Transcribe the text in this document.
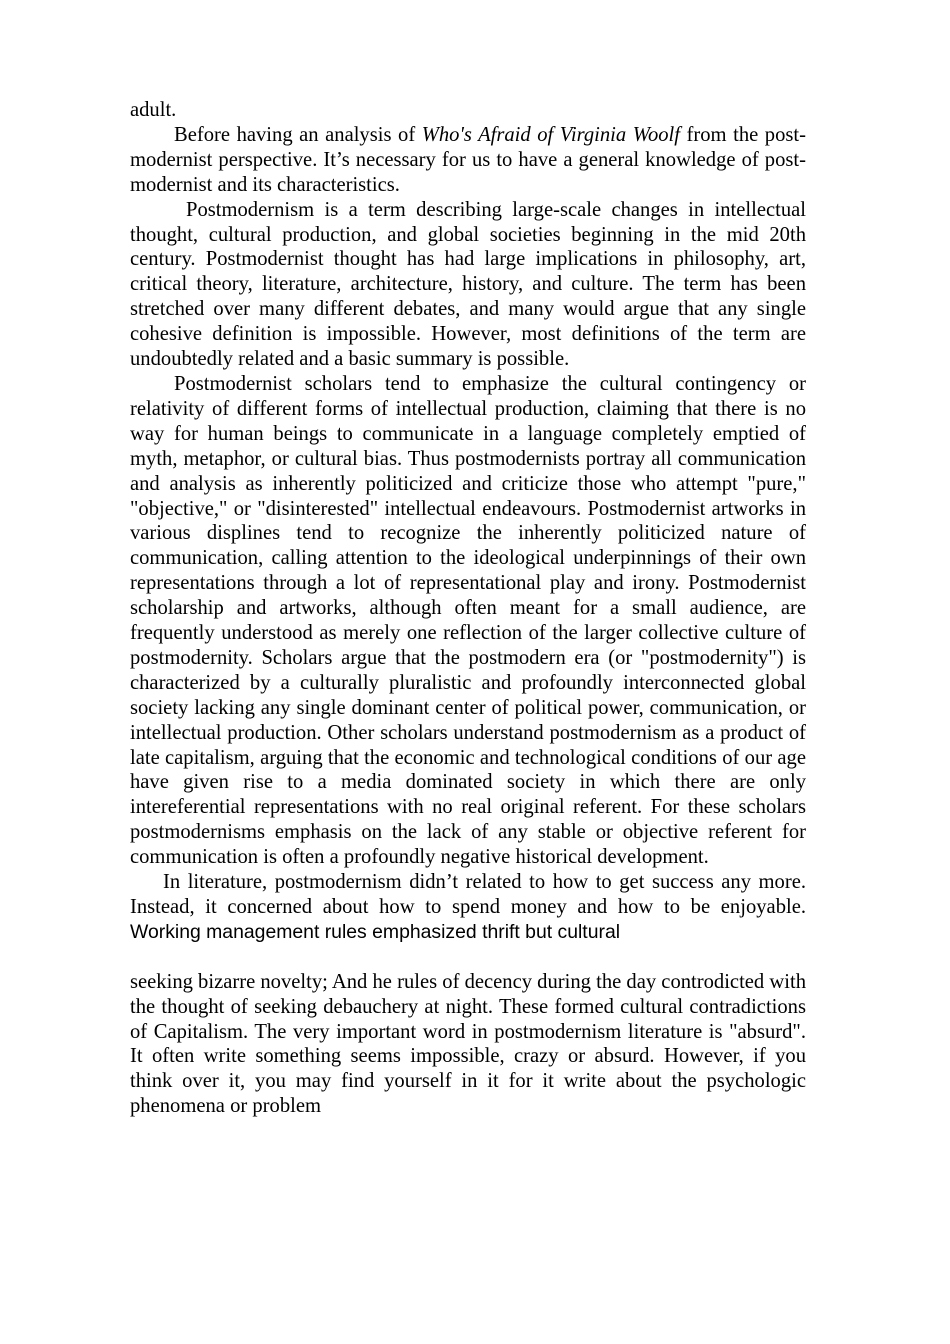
adult.

Before having an analysis of Who's Afraid of Virginia Woolf from the post-modernist perspective. It’s necessary for us to have a general knowledge of post-modernist and its characteristics.

Postmodernism is a term describing large-scale changes in intellectual thought, cultural production, and global societies beginning in the mid 20th century. Postmodernist thought has had large implications in philosophy, art, critical theory, literature, architecture, history, and culture. The term has been stretched over many different debates, and many would argue that any single cohesive definition is impossible. However, most definitions of the term are undoubtedly related and a basic summary is possible.

Postmodernist scholars tend to emphasize the cultural contingency or relativity of different forms of intellectual production, claiming that there is no way for human beings to communicate in a language completely emptied of myth, metaphor, or cultural bias. Thus postmodernists portray all communication and analysis as inherently politicized and criticize those who attempt "pure," "objective," or "disinterested" intellectual endeavours. Postmodernist artworks in various displines tend to recognize the inherently politicized nature of communication, calling attention to the ideological underpinnings of their own representations through a lot of representational play and irony. Postmodernist scholarship and artworks, although often meant for a small audience, are frequently understood as merely one reflection of the larger collective culture of postmodernity. Scholars argue that the postmodern era (or "postmodernity") is characterized by a culturally pluralistic and profoundly interconnected global society lacking any single dominant center of political power, communication, or intellectual production. Other scholars understand postmodernism as a product of late capitalism, arguing that the economic and technological conditions of our age have given rise to a media dominated society in which there are only intereferential representations with no real original referent. For these scholars postmodernisms emphasis on the lack of any stable or objective referent for communication is often a profoundly negative historical development.

In literature, postmodernism didn’t related to how to get success any more. Instead, it concerned about how to spend money and how to be enjoyable. Working management rules emphasized thrift but cultural

seeking bizarre novelty; And he rules of decency during the day controdicted with the thought of seeking debauchery at night. These formed cultural contradictions of Capitalism. The very important word in postmodernism literature is "absurd". It often write something seems impossible, crazy or absurd. However, if you think over it, you may find yourself in it for it write about the psychologic phenomena or problem
